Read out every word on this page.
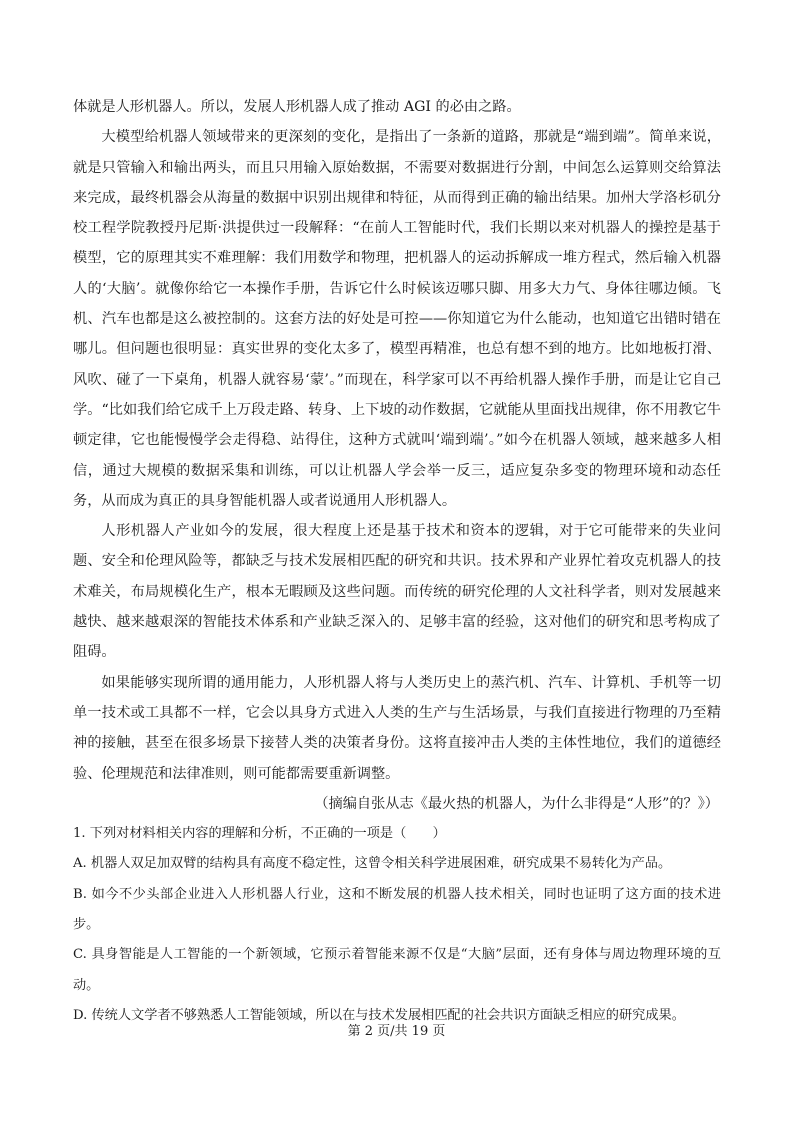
体就是人形机器人。所以，发展人形机器人成了推动 AGI 的必由之路。

大模型给机器人领域带来的更深刻的变化，是指出了一条新的道路，那就是“端到端”。简单来说，就是只管输入和输出两头，而且只用输入原始数据，不需要对数据进行分割，中间怎么运算则交给算法来完成，最终机器会从海量的数据中识别出规律和特征，从而得到正确的输出结果。加州大学洛杉矶分校工程学院教授丹尼斯·洪提供过一段解释：“在前人工智能时代，我们长期以来对机器人的操控是基于模型，它的原理其实不难理解：我们用数学和物理，把机器人的运动拆解成一堆方程式，然后输入机器人的‘大脑’。就像你给它一本操作手册，告诉它什么时候该迈哪只脚、用多大力气、身体往哪边倾。飞机、汽车也都是这么被控制的。这套方法的好处是可控——你知道它为什么能动，也知道它出错时错在哪儿。但问题也很明显：真实世界的变化太多了，模型再精准，也总有想不到的地方。比如地板打滑、风吹、碰了一下桌角，机器人就容易‘蒙’。”而现在，科学家可以不再给机器人操作手册，而是让它自己学。“比如我们给它成千上万段走路、转身、上下坡的动作数据，它就能从里面找出规律，你不用教它牛顿定律，它也能慢慢学会走得稳、站得住，这种方式就叫‘端到端’。”如今在机器人领域，越来越多人相信，通过大规模的数据采集和训练，可以让机器人学会举一反三，适应复杂多变的物理环境和动态任务，从而成为真正的具身智能机器人或者说通用人形机器人。

人形机器人产业如今的发展，很大程度上还是基于技术和资本的逻辑，对于它可能带来的失业问题、安全和伦理风险等，都缺乏与技术发展相匹配的研究和共识。技术界和产业界忙着攻克机器人的技术难关，布局规模化生产，根本无暇顾及这些问题。而传统的研究伦理的人文社科学者，则对发展越来越快、越来越艰深的智能技术体系和产业缺乏深入的、足够丰富的经验，这对他们的研究和思考构成了阻碍。

如果能够实现所谓的通用能力，人形机器人将与人类历史上的蒸汽机、汽车、计算机、手机等一切单一技术或工具都不一样，它会以具身方式进入人类的生产与生活场景，与我们直接进行物理的乃至精神的接触，甚至在很多场景下接替人类的决策者身份。这将直接冲击人类的主体性地位，我们的道德经验、伦理规范和法律准则，则可能都需要重新调整。

（摘编自张从志《最火热的机器人，为什么非得是“人形”的？》）

1. 下列对材料相关内容的理解和分析，不正确的一项是（　　）

A. 机器人双足加双臂的结构具有高度不稳定性，这曾令相关科学进展困难，研究成果不易转化为产品。

B. 如今不少头部企业进入人形机器人行业，这和不断发展的机器人技术相关，同时也证明了这方面的技术进步。

C. 具身智能是人工智能的一个新领域，它预示着智能来源不仅是“大脑”层面，还有身体与周边物理环境的互动。

D. 传统人文学者不够熟悉人工智能领域，所以在与技术发展相匹配的社会共识方面缺乏相应的研究成果。

第 2 页/共 19 页
